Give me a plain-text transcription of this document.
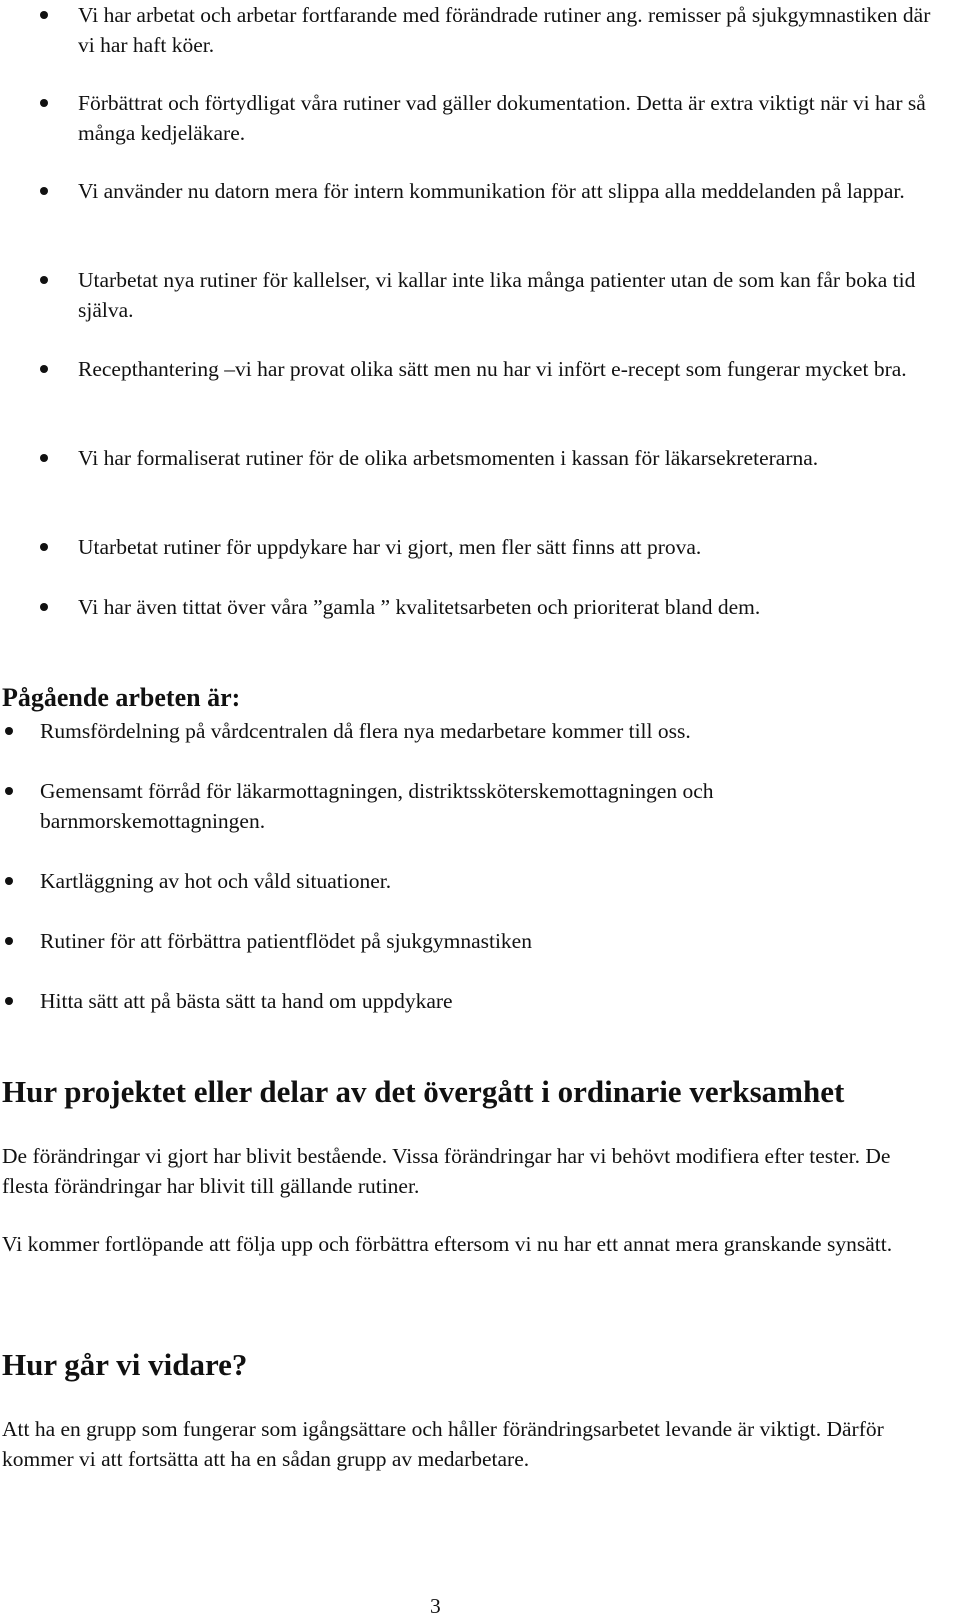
Vi har arbetat och arbetar fortfarande med förändrade rutiner ang. remisser på sjukgymnastiken där vi har haft köer.

Förbättrat och förtydligat våra rutiner vad gäller dokumentation. Detta är extra viktigt när vi har så många kedjeläkare.

Vi använder nu datorn mera för intern kommunikation för att slippa alla meddelanden på lappar.

Utarbetat nya rutiner för kallelser, vi kallar inte lika många patienter utan de som kan får boka tid själva.

Recepthantering –vi har provat olika sätt men nu har vi infört e-recept som fungerar mycket bra.

Vi har formaliserat rutiner för de olika arbetsmomenten i kassan för läkarsekreterarna.

Utarbetat rutiner för uppdykare har vi gjort, men fler sätt finns att prova.

Vi har även tittat över våra ”gamla ” kvalitetsarbeten och prioriterat bland dem.

Pågående arbeten är:

Rumsfördelning på vårdcentralen då flera nya medarbetare kommer till oss.

Gemensamt förråd för läkarmottagningen, distriktssköterskemottagningen och barnmorskemottagningen.

Kartläggning av hot och våld situationer.

Rutiner för att förbättra patientflödet på sjukgymnastiken

Hitta sätt att på bästa sätt ta hand om uppdykare

Hur projektet eller delar av det övergått i ordinarie verksamhet

De förändringar vi gjort har blivit bestående. Vissa förändringar har vi behövt modifiera efter tester. De flesta förändringar har blivit till gällande rutiner.

Vi kommer fortlöpande att följa upp och förbättra eftersom vi nu har ett annat mera granskande synsätt.

Hur går vi vidare?

Att ha en grupp som fungerar som igångsättare och håller förändringsarbetet levande är viktigt. Därför kommer vi att fortsätta att ha en sådan grupp av medarbetare.

3
